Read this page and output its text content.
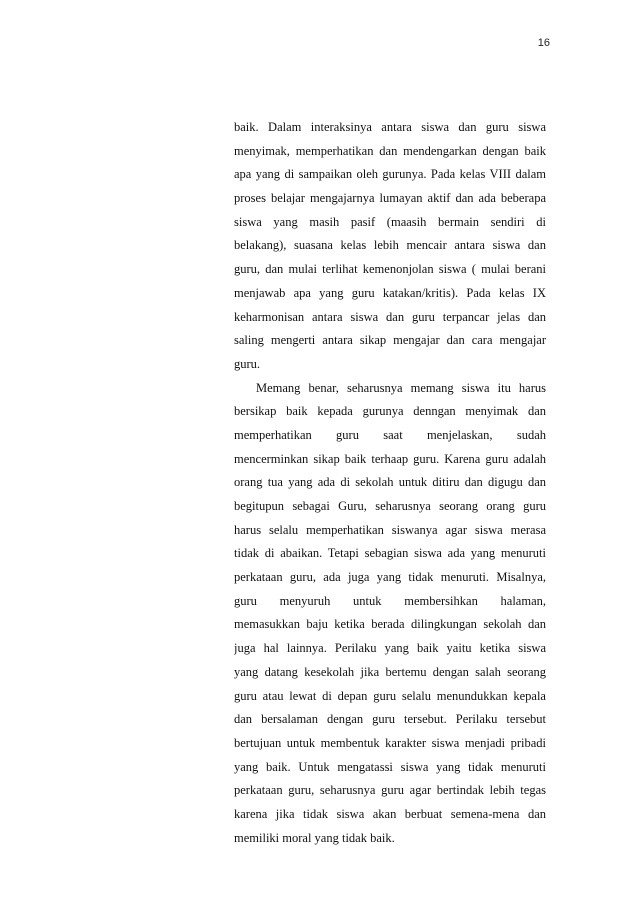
16
baik. Dalam interaksinya antara siswa dan guru siswa
menyimak, memperhatikan dan mendengarkan dengan baik
apa yang di sampaikan oleh gurunya. Pada kelas VIII dalam
proses belajar mengajarnya lumayan aktif dan ada beberapa
siswa yang masih pasif (maasih bermain sendiri di
belakang), suasana kelas lebih mencair antara siswa dan
guru, dan mulai terlihat kemenonjolan siswa ( mulai berani
menjawab apa yang guru katakan/kritis). Pada kelas IX
keharmonisan antara siswa dan guru terpancar jelas dan
saling mengerti antara sikap mengajar dan cara mengajar
guru.
Memang benar, seharusnya memang siswa itu harus
bersikap baik kepada gurunya denngan menyimak dan
memperhatikan guru saat menjelaskan, sudah
mencerminkan sikap baik terhaap guru. Karena guru adalah
orang tua yang ada di sekolah untuk ditiru dan digugu dan
begitupun sebagai Guru, seharusnya seorang orang guru
harus selalu memperhatikan siswanya agar siswa merasa
tidak di abaikan. Tetapi sebagian siswa ada yang menuruti
perkataan guru, ada juga yang tidak menuruti. Misalnya,
guru menyuruh untuk membersihkan halaman,
memasukkan baju ketika berada dilingkungan sekolah dan
juga hal lainnya. Perilaku yang baik yaitu ketika siswa
yang datang kesekolah jika bertemu dengan salah seorang
guru atau lewat di depan guru selalu menundukkan kepala
dan bersalaman dengan guru tersebut. Perilaku tersebut
bertujuan untuk membentuk karakter siswa menjadi pribadi
yang baik. Untuk mengatassi siswa yang tidak menuruti
perkataan guru, seharusnya guru agar bertindak lebih tegas
karena jika tidak siswa akan berbuat semena-mena dan
memiliki moral yang tidak baik.
